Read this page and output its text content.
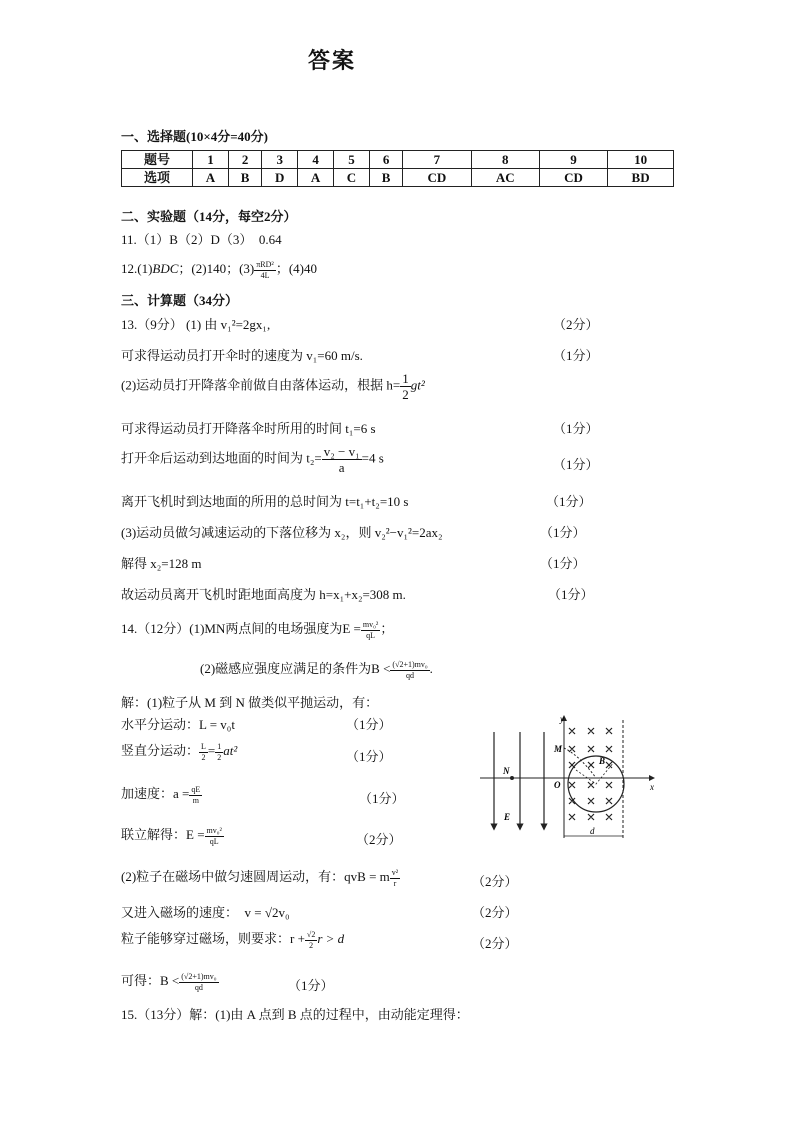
答案
一、选择题(10×4分=40分)
题号	1	2	3	4	5	6	7	8	9	10
选项	A	B	D	A	C	B	CD	AC	CD	BD
二、实验题（14分，每空2分）
11.（1）B（2）D（3）　0.64
12.(1)BDC；(2)140；$(3) \frac{\text{πRD²}}{4L}$ ；(4)40
三、计算题（34分）
13.（9分） (1) 由 v₁²=2gx₁,	（2分）
可求得运动员打开伞时的速度为 v₁=60 m/s.	（1分）
(2)运动员打开降落伞前做自由落体运动，根据 $h= \frac{1}{2} gt^2$
可求得运动员打开降落伞时所用的时间 t₁=6 s	（1分）
打开伞后运动到达地面的时间为 $t_2= \frac{\text{v₂ − v₁}}{a} =4$ s	（1分）
离开飞机时到达地面的所用的总时间为 t=t₁+t₂=10 s	（1分）
(3)运动员做匀减速运动的下落位移为 x₂，则 v₂²−v₁²=2ax₂	（1分）
解得 x₂=128 m	（1分）
故运动员离开飞机时距地面高度为 h=x₁+x₂=308 m.	（1分）
14.（12分）(1)MN两点间的电场强度为$E = \frac{\text{mv₀²}}{qL}$ ；
(2)磁感应强度应满足的条件为$B < \frac{\text{(√2+1)mv₀}}{qd}$ .
解：(1)粒子从 M 到 N 做类似平抛运动，有：
水平分运动：L = v₀t	（1分）
竖直分运动： $\frac{L}{2} = \frac{1}{2} at^2$	（1分）
加速度：$a = \frac{qE}{m}$	（1分）
联立解得：$E = \frac{\text{mv₀²}}{qL}$	（2分）
(2)粒子在磁场中做匀速圆周运动，有：qvB = m $\frac{\text{v²}}{r}$	（2分）
又进入磁场的速度：　v = √2v₀	（2分）
粒子能够穿过磁场，则要求：$r + \frac{√2}{2}$ r > d	（2分）
可得：$B < \frac{\text{(√2+1)mv₀}}{qd}$	（1分）
15.（13分）解：(1)由 A 点到 B 点的过程中，由动能定理得：
y
x
M
N
O
E
B
d
